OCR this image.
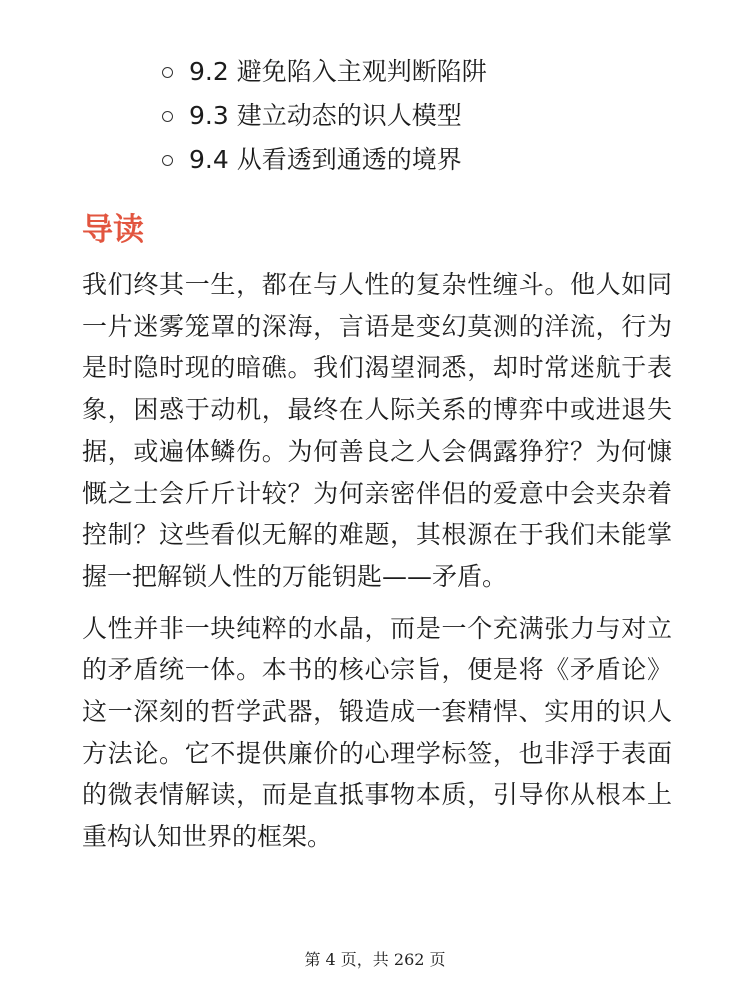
9.2 避免陷入主观判断陷阱
9.3 建立动态的识人模型
9.4 从看透到通透的境界
导读

我们终其一生，都在与人性的复杂性缠斗。他人如同一片迷雾笼罩的深海，言语是变幻莫测的洋流，行为是时隐时现的暗礁。我们渴望洞悉，却时常迷航于表象，困惑于动机，最终在人际关系的博弈中或进退失据，或遍体鳞伤。为何善良之人会偶露狰狞？为何慷慨之士会斤斤计较？为何亲密伴侣的爱意中会夹杂着控制？这些看似无解的难题，其根源在于我们未能掌握一把解锁人性的万能钥匙——矛盾。

人性并非一块纯粹的水晶，而是一个充满张力与对立的矛盾统一体。本书的核心宗旨，便是将《矛盾论》这一深刻的哲学武器，锻造成一套精悍、实用的识人方法论。它不提供廉价的心理学标签，也非浮于表面的微表情解读，而是直抵事物本质，引导你从根本上重构认知世界的框架。

第 4 页，共 262 页
